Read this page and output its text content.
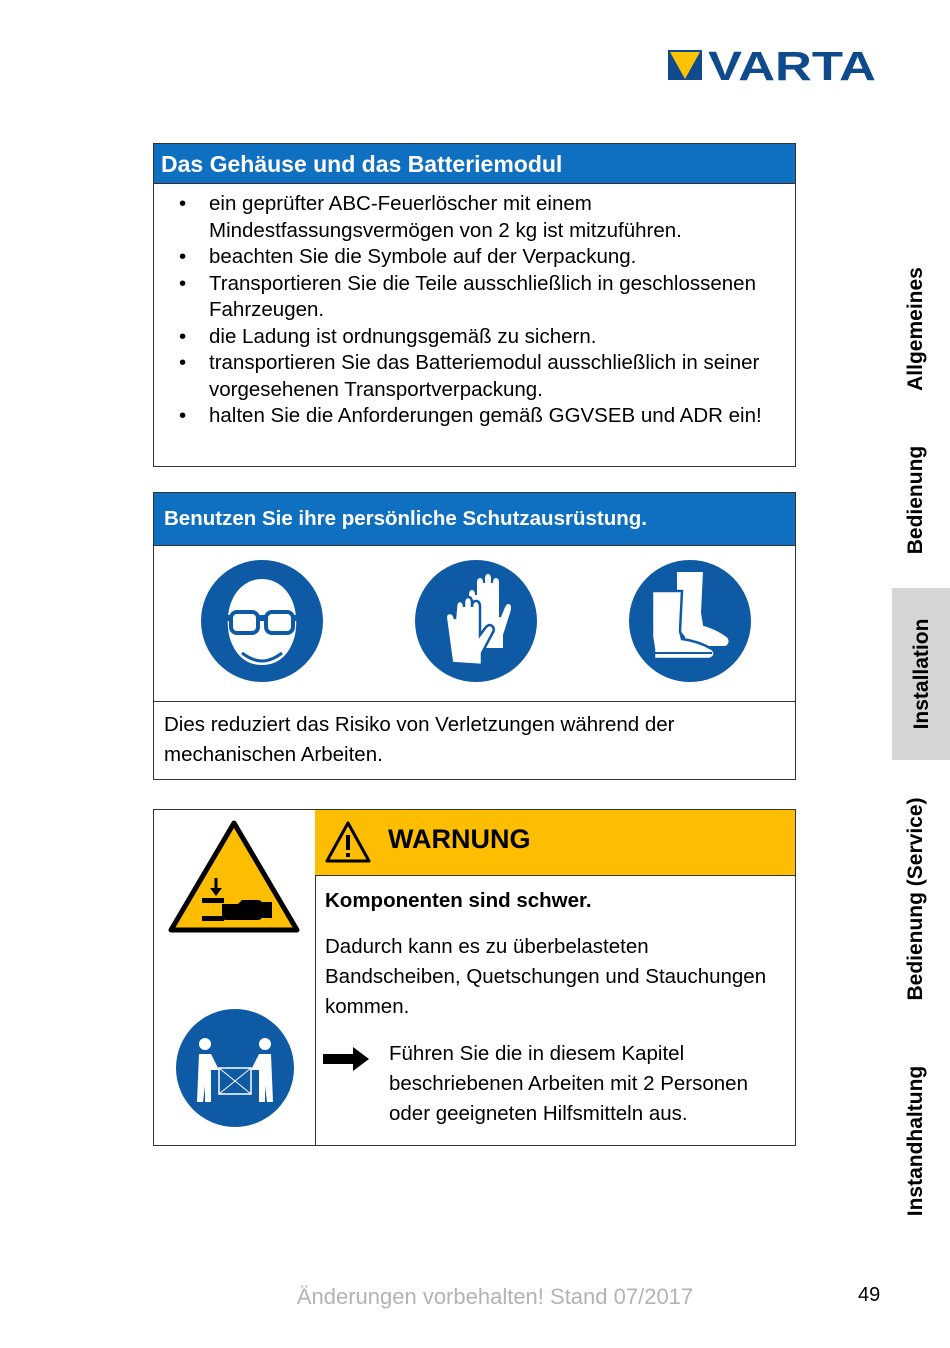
VARTA
Das Gehäuse und das Batteriemodul
• ein geprüfter ABC-Feuerlöscher mit einem Mindestfassungsvermögen von 2 kg ist mitzuführen.
• beachten Sie die Symbole auf der Verpackung.
• Transportieren Sie die Teile ausschließlich in geschlossenen Fahrzeugen.
• die Ladung ist ordnungsgemäß zu sichern.
• transportieren Sie das Batteriemodul ausschließlich in seiner vorgesehenen Transportverpackung.
• halten Sie die Anforderungen gemäß GGVSEB und ADR ein!
Benutzen Sie ihre persönliche Schutzausrüstung.
Dies reduziert das Risiko von Verletzungen während der mechanischen Arbeiten.
WARNUNG
Komponenten sind schwer.
Dadurch kann es zu überbelasteten Bandscheiben, Quetschungen und Stauchungen kommen.
Führen Sie die in diesem Kapitel beschriebenen Arbeiten mit 2 Personen oder geeigneten Hilfsmitteln aus.
Allgemeines
Bedienung
Installation
Bedienung (Service)
Instandhaltung
Änderungen vorbehalten! Stand 07/2017	49
